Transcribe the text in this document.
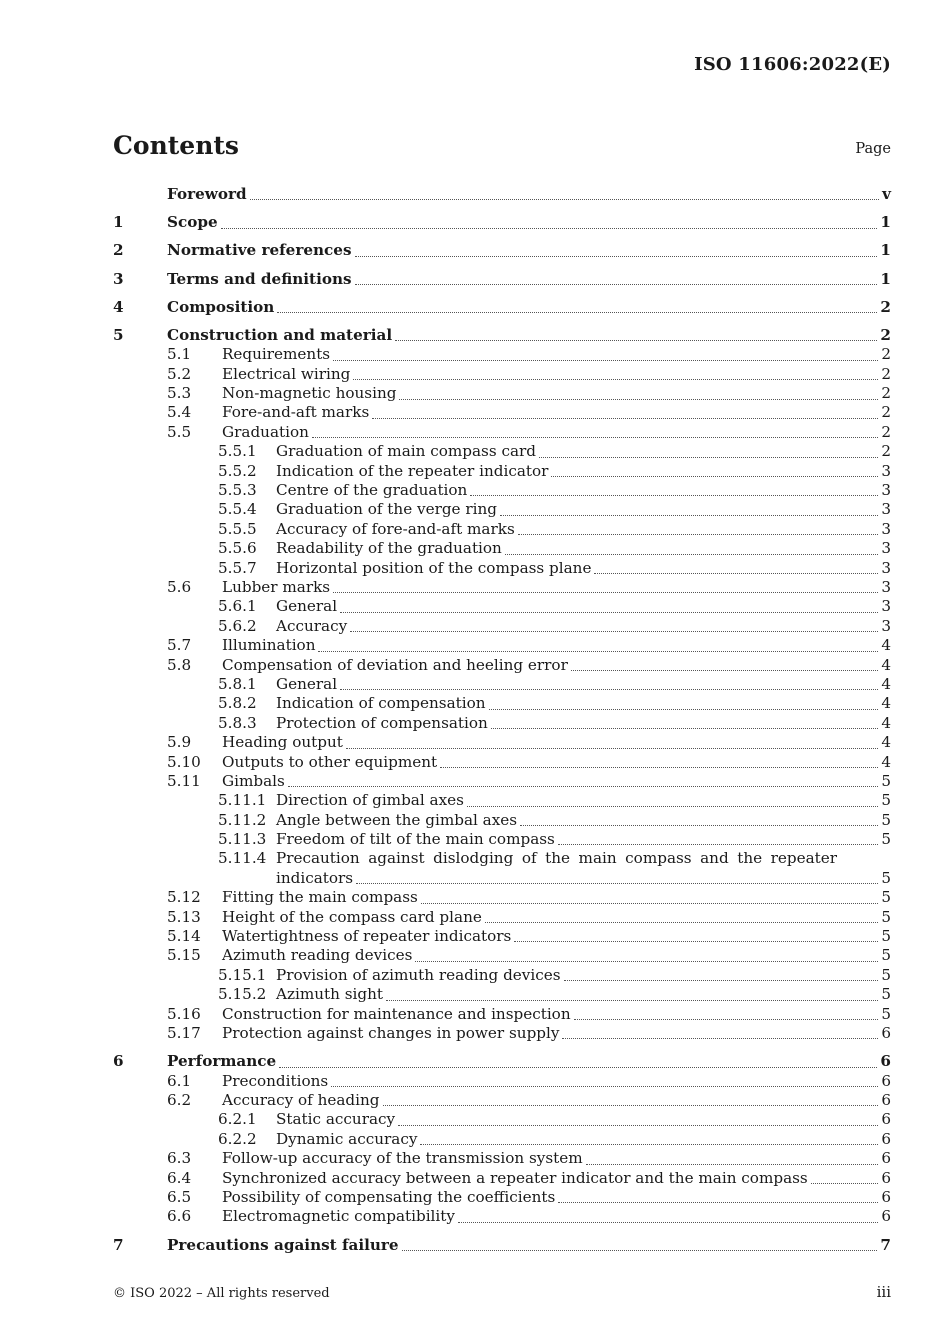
ISO 11606:2022(E)
Contents	Page
Foreword	v
1	Scope	1
2	Normative references	1
3	Terms and definitions	1
4	Composition	2
5	Construction and material	2
5.1	Requirements	2
5.2	Electrical wiring	2
5.3	Non-magnetic housing	2
5.4	Fore-and-aft marks	2
5.5	Graduation	2
5.5.1	Graduation of main compass card	2
5.5.2	Indication of the repeater indicator	3
5.5.3	Centre of the graduation	3
5.5.4	Graduation of the verge ring	3
5.5.5	Accuracy of fore-and-aft marks	3
5.5.6	Readability of the graduation	3
5.5.7	Horizontal position of the compass plane	3
5.6	Lubber marks	3
5.6.1	General	3
5.6.2	Accuracy	3
5.7	Illumination	4
5.8	Compensation of deviation and heeling error	4
5.8.1	General	4
5.8.2	Indication of compensation	4
5.8.3	Protection of compensation	4
5.9	Heading output	4
5.10	Outputs to other equipment	4
5.11	Gimbals	5
5.11.1 Direction of gimbal axes	5
5.11.2 Angle between the gimbal axes	5
5.11.3 Freedom of tilt of the main compass	5
5.11.4 Precaution against dislodging of the main compass and the repeater
indicators	5
5.12	Fitting the main compass	5
5.13	Height of the compass card plane	5
5.14	Watertightness of repeater indicators	5
5.15	Azimuth reading devices	5
5.15.1 Provision of azimuth reading devices	5
5.15.2 Azimuth sight	5
5.16	Construction for maintenance and inspection	5
5.17	Protection against changes in power supply	6
6	Performance	6
6.1	Preconditions	6
6.2	Accuracy of heading	6
6.2.1	Static accuracy	6
6.2.2	Dynamic accuracy	6
6.3	Follow-up accuracy of the transmission system	6
6.4	Synchronized accuracy between a repeater indicator and the main compass	6
6.5	Possibility of compensating the coefficients	6
6.6	Electromagnetic compatibility	6
7	Precautions against failure	7
© ISO 2022 – All rights reserved	iii
